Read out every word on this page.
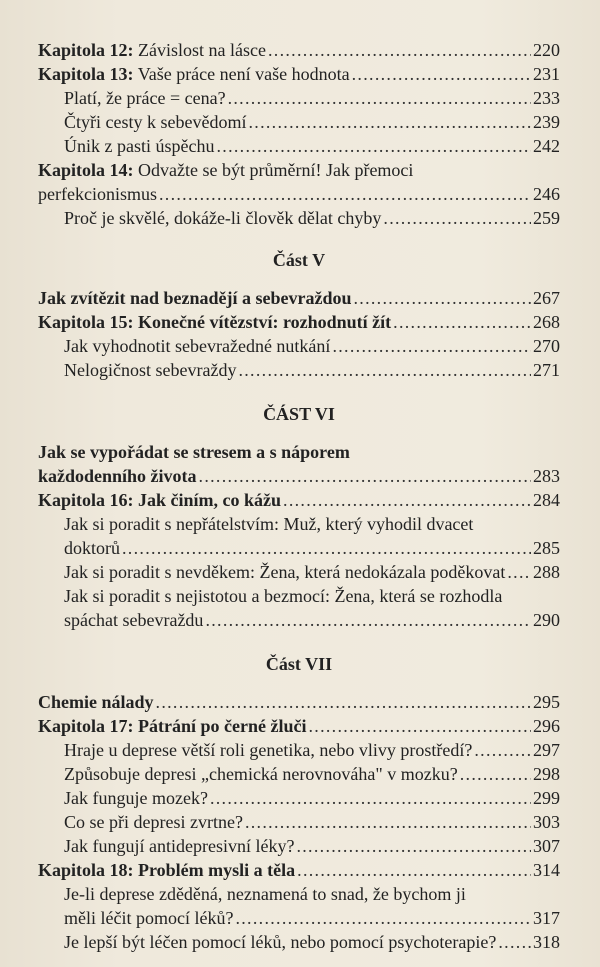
Kapitola 12: Závislost na lásce . . .	220
Kapitola 13: Vaše práce není vaše hodnota . . .	231
Platí, že práce = cena? . . .	233
Čtyři cesty k sebevědomí . . .	239
Únik z pasti úspěchu . . .	242
Kapitola 14: Odvažte se být průměrní! Jak přemoci
perfekcionismus . . .	246
Proč je skvělé, dokáže-li člověk dělat chyby . . .	259
Část V
Jak zvítězit nad beznadějí a sebevraždou . . .	267
Kapitola 15: Konečné vítězství: rozhodnutí žít . . .	268
Jak vyhodnotit sebevražedné nutkání . . .	270
Nelogičnost sebevraždy . . .	271
ČÁST VI
Jak se vypořádat se stresem a s náporem
každodenního života . . .	283
Kapitola 16: Jak činím, co kážu . . .	284
Jak si poradit s nepřátelstvím: Muž, který vyhodil dvacet
doktorů . . .	285
Jak si poradit s nevděkem: Žena, která nedokázala poděkovat . . . 288
Jak si poradit s nejistotou a bezmocí: Žena, která se rozhodla
spáchat sebevraždu . . .	290
Část VII
Chemie nálady . . .	295
Kapitola 17: Pátrání po černé žluči . . .	296
Hraje u deprese větší roli genetika, nebo vlivy prostředí? . . .	297
Způsobuje depresi „chemická nerovnováha" v mozku? . . .	298
Jak funguje mozek? . . .	299
Co se při depresi zvrtne? . . .	303
Jak fungují antidepresivní léky? . . .	307
Kapitola 18: Problém mysli a těla . . .	314
Je-li deprese zděděná, neznamená to snad, že bychom ji
měli léčit pomocí léků? . . .	317
Je lepší být léčen pomocí léků, nebo pomocí psychoterapie? . . . 318
